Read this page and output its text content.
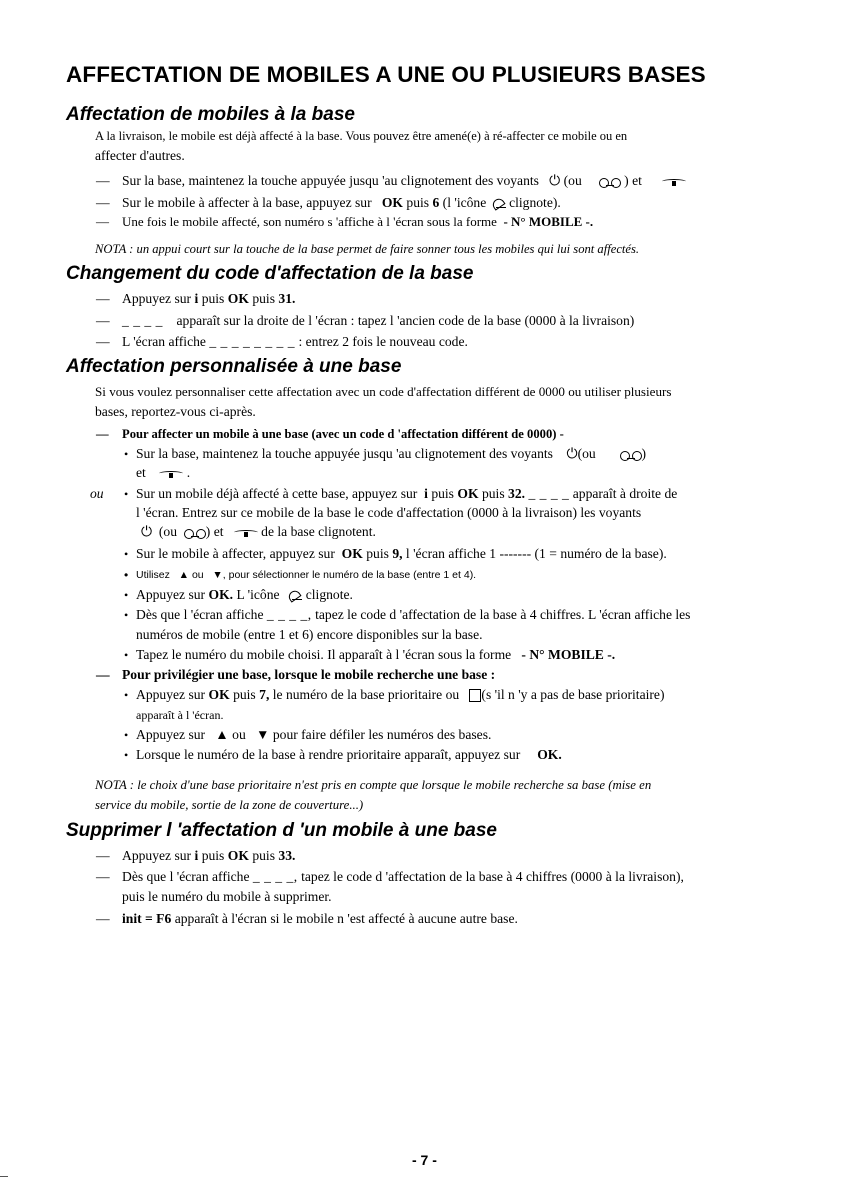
AFFECTATION DE MOBILES A UNE OU PLUSIEURS BASES
Affectation de mobiles à la base
A la livraison, le mobile est déjà affecté à la base. Vous pouvez être amené(e) à ré-affecter ce mobile ou en
affecter d'autres.
— Sur la base, maintenez la touche appuyée jusqu 'au clignotement des voyants ⏻ (ou	) et
— Sur le mobile à affecter à la base, appuyez sur OK puis 6 (l 'icône clignote).
— Une fois le mobile affecté, son numéro s 'affiche à l 'écran sous la forme - N° MOBILE -.
NOTA : un appui court sur la touche de la base permet de faire sonner tous les mobiles qui lui sont affectés.
Changement du code d'affectation de la base
— Appuyez sur i puis OK puis 31.
— _ _ _ _ apparaît sur la droite de l 'écran : tapez l 'ancien code de la base (0000 à la livraison)
— L 'écran affiche _ _ _ _ _ _ _ _ : entrez 2 fois le nouveau code.
Affectation personnalisée à une base
Si vous voulez personnaliser cette affectation avec un code d'affectation différent de 0000 ou utiliser plusieurs
bases, reportez-vous ci-après.
— Pour affecter un mobile à une base (avec un code d 'affectation différent de 0000) -
• Sur la base, maintenez la touche appuyée jusqu 'au clignotement des voyants ⏻ (ou	)
et	.
ou • Sur un mobile déjà affecté à cette base, appuyez sur i puis OK puis 32. _ _ _ _ apparaît à droite de
l 'écran. Entrez sur ce mobile de la base le code d'affectation (0000 à la livraison) les voyants
⏻  (ou ) et	de la base clignotent.
• Sur le mobile à affecter, appuyez sur OK puis 9, l 'écran affiche 1 ------- (1 = numéro de la base).
• Utilisez ▲ ou ▼, pour sélectionner le numéro de la base (entre 1 et 4).
• Appuyez sur OK. L 'icône clignote.
• Dès que l 'écran affiche _ _ _ _, tapez le code d 'affectation de la base à 4 chiffres. L 'écran affiche les
numéros de mobile (entre 1 et 6) encore disponibles sur la base.
• Tapez le numéro du mobile choisi. Il apparaît à l 'écran sous la forme - N° MOBILE -.
— Pour privilégier une base, lorsque le mobile recherche une base :
• Appuyez sur OK puis 7, le numéro de la base prioritaire ou (s 'il n 'y a pas de base prioritaire)
apparaît à l 'écran.
• Appuyez sur ▲ ou ▼ pour faire défiler les numéros des bases.
• Lorsque le numéro de la base à rendre prioritaire apparaît, appuyez sur OK.
NOTA : le choix d'une base prioritaire n'est pris en compte que lorsque le mobile recherche sa base (mise en
service du mobile, sortie de la zone de couverture...)
Supprimer l 'affectation d 'un mobile à une base
— Appuyez sur i puis OK puis 33.
— Dès que l 'écran affiche _ _ _ _, tapez le code d 'affectation de la base à 4 chiffres (0000 à la livraison),
puis le numéro du mobile à supprimer.
— init = F6 apparaît à l'écran si le mobile n 'est affecté à aucune autre base.
- 7 -
